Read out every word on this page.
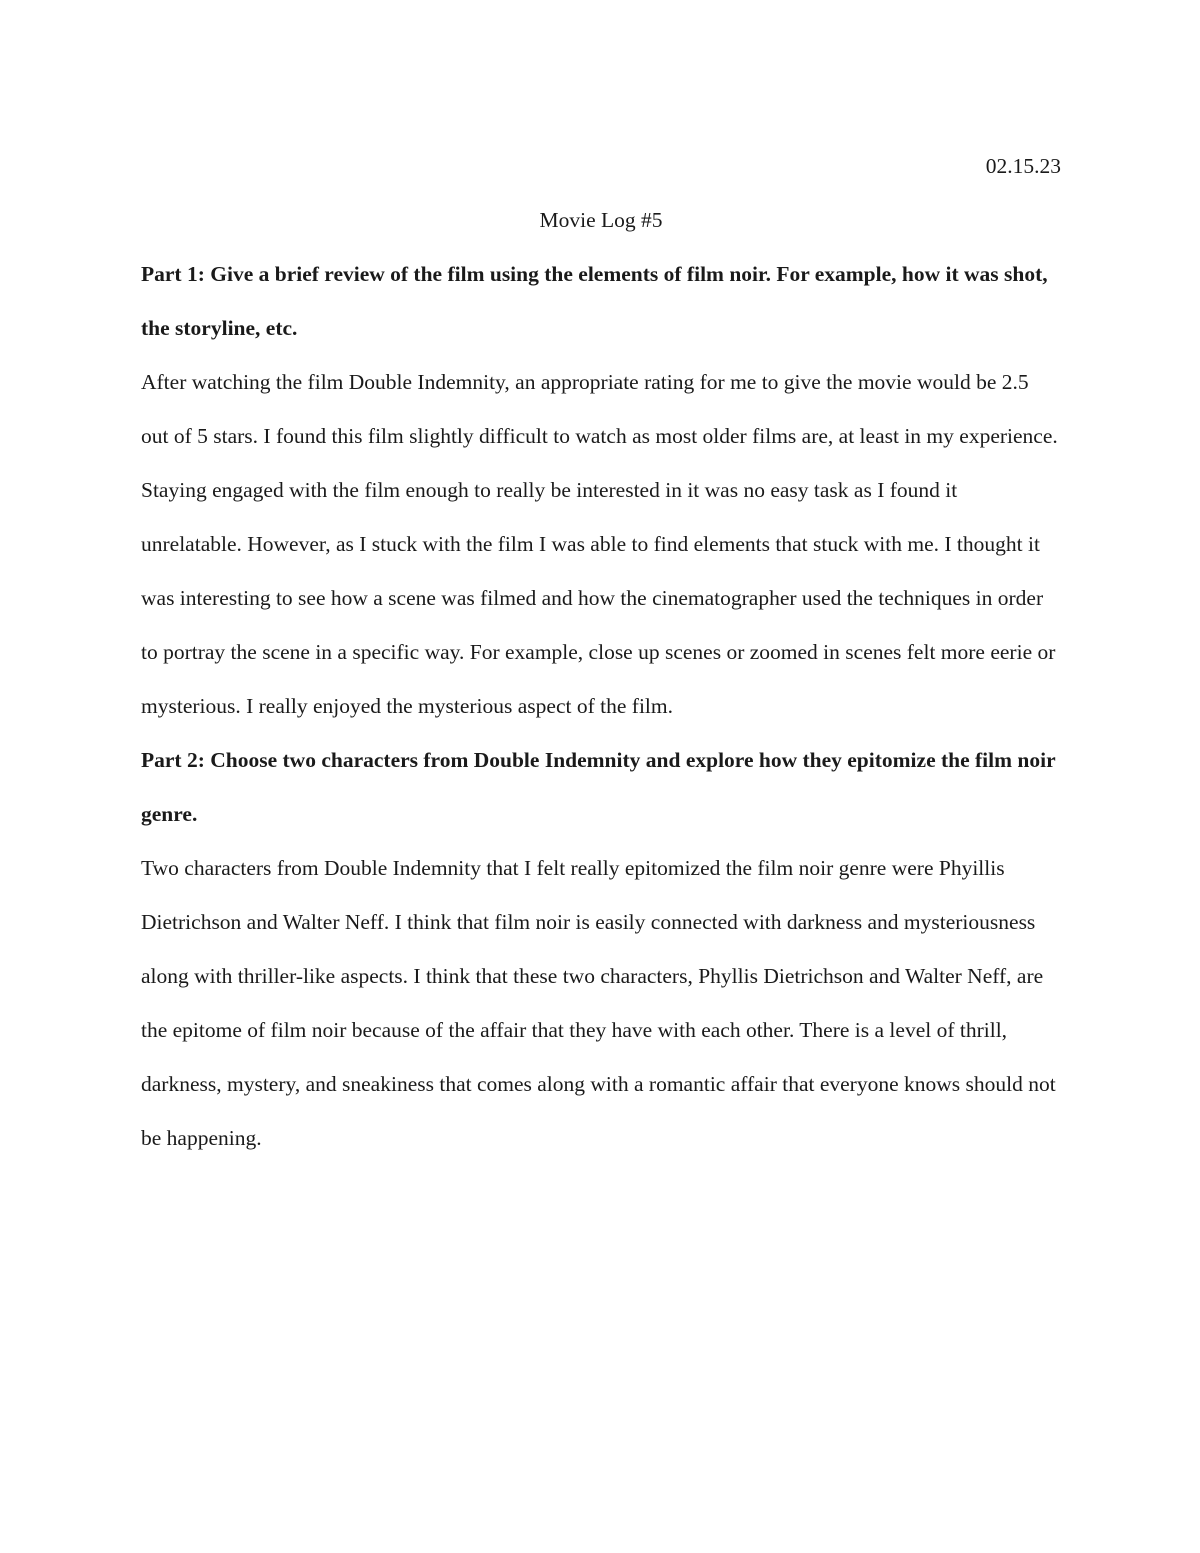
02.15.23

Movie Log #5

Part 1: Give a brief review of the film using the elements of film noir. For example, how it was shot, the storyline, etc.

After watching the film Double Indemnity, an appropriate rating for me to give the movie would be 2.5 out of 5 stars. I found this film slightly difficult to watch as most older films are, at least in my experience. Staying engaged with the film enough to really be interested in it was no easy task as I found it unrelatable. However, as I stuck with the film I was able to find elements that stuck with me. I thought it was interesting to see how a scene was filmed and how the cinematographer used the techniques in order to portray the scene in a specific way. For example, close up scenes or zoomed in scenes felt more eerie or mysterious. I really enjoyed the mysterious aspect of the film.

Part 2: Choose two characters from Double Indemnity and explore how they epitomize the film noir genre.

Two characters from Double Indemnity that I felt really epitomized the film noir genre were Phyillis Dietrichson and Walter Neff. I think that film noir is easily connected with darkness and mysteriousness along with thriller-like aspects. I think that these two characters, Phyllis Dietrichson and Walter Neff, are the epitome of film noir because of the affair that they have with each other. There is a level of thrill, darkness, mystery, and sneakiness that comes along with a romantic affair that everyone knows should not be happening.
